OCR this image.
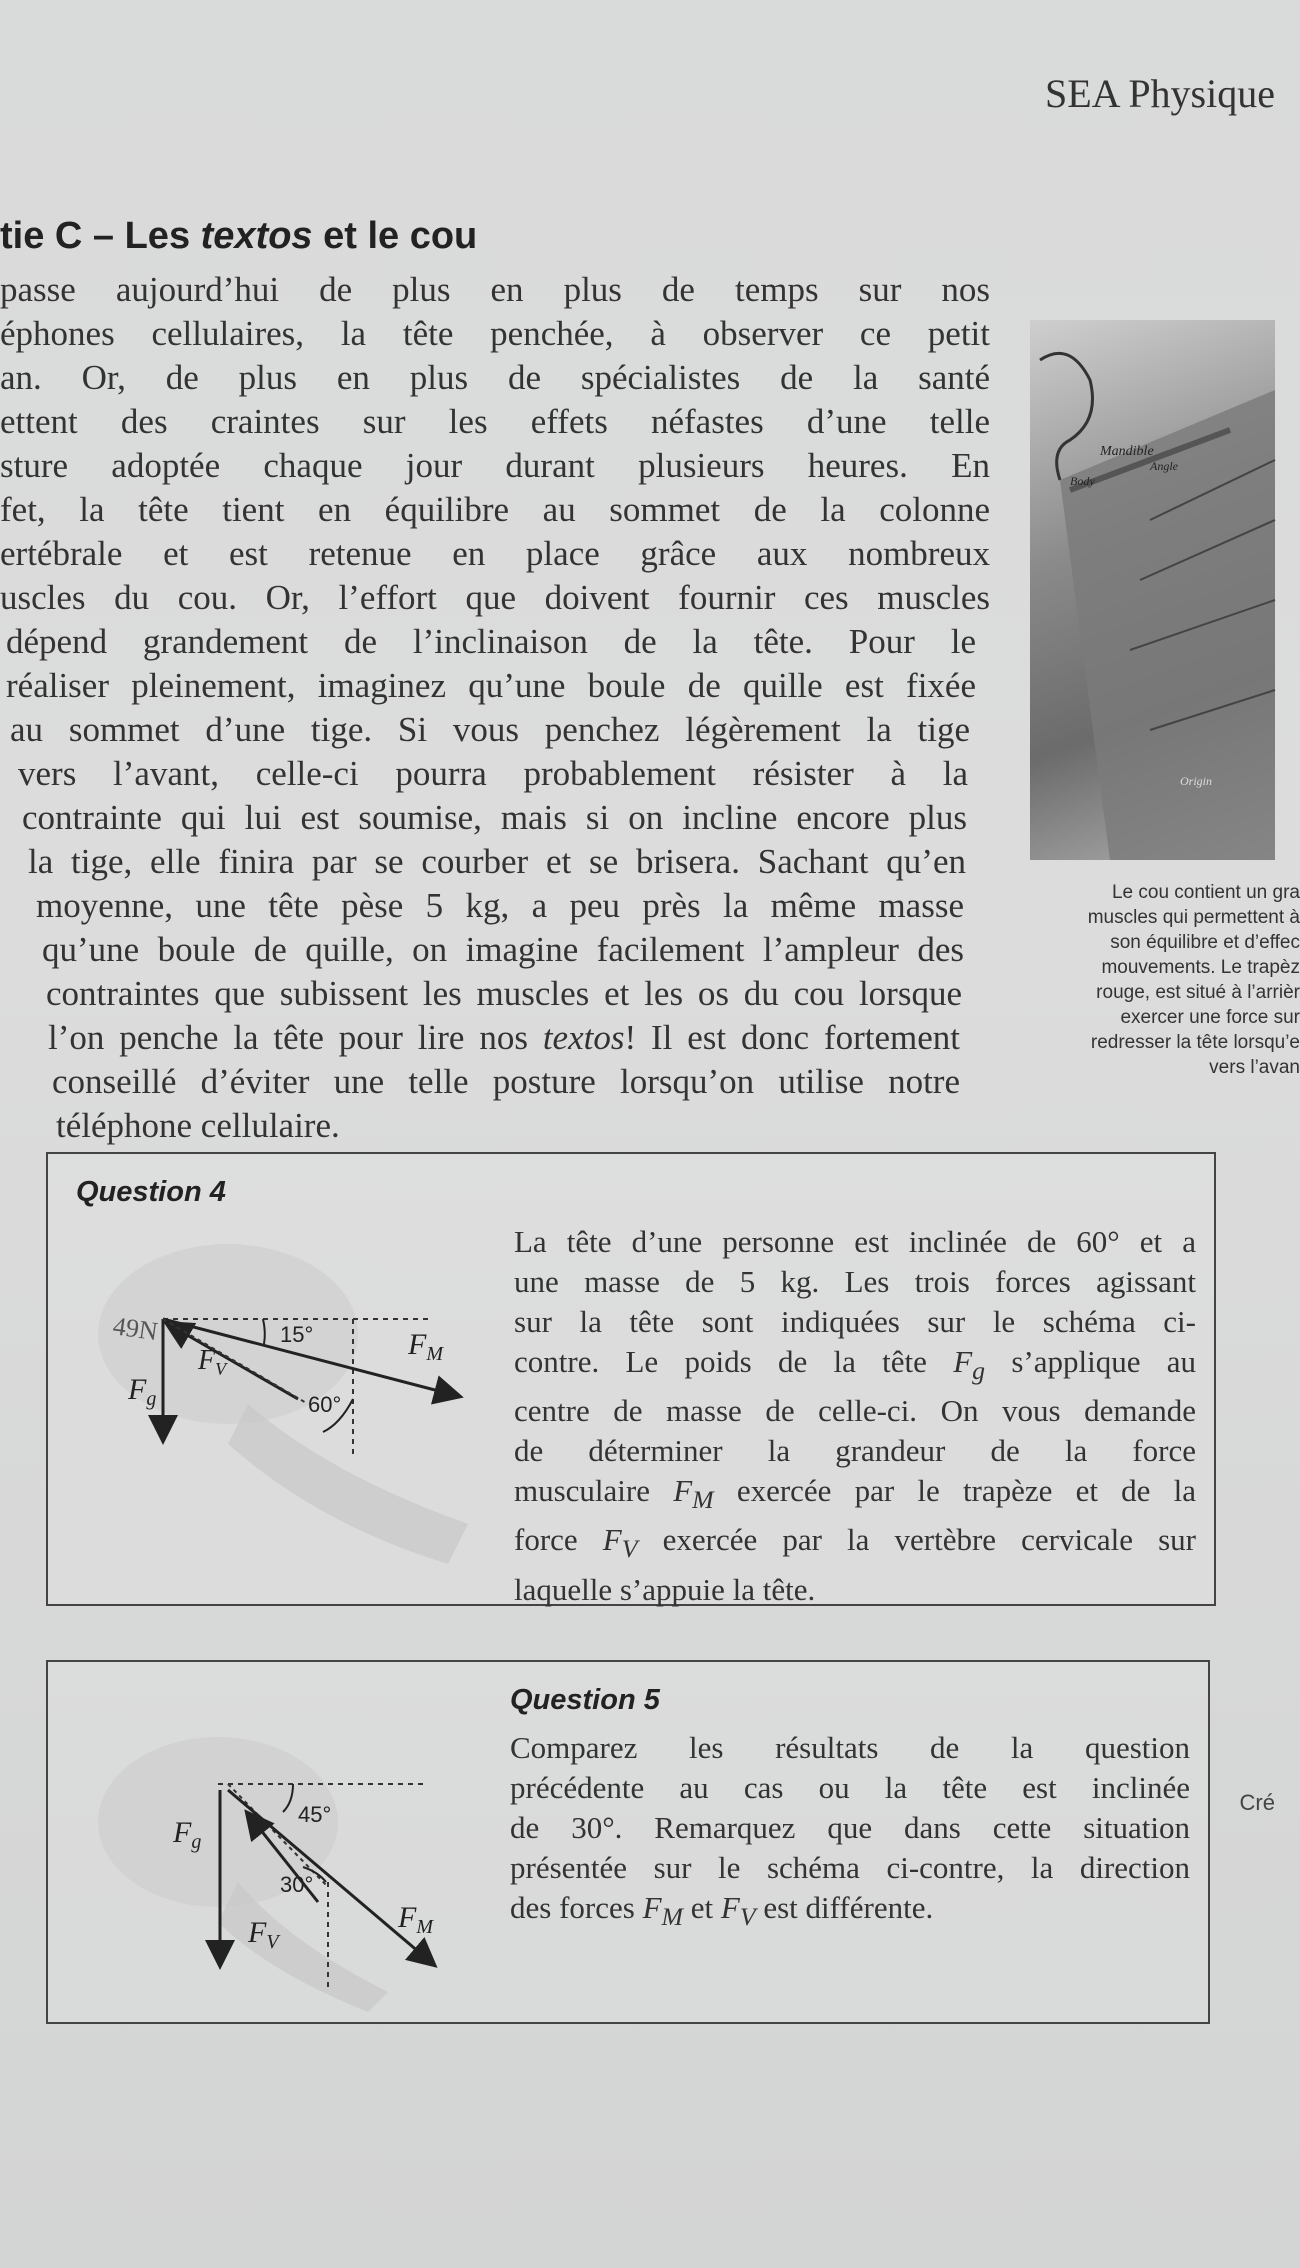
SEA Physique
tie C – Les textos et le cou
passe aujourd’hui de plus en plus de temps sur nos
éphones cellulaires, la tête penchée, à observer ce petit
an. Or, de plus en plus de spécialistes de la santé
ettent des craintes sur les effets néfastes d’une telle
sture adoptée chaque jour durant plusieurs heures. En
fet, la tête tient en équilibre au sommet de la colonne
ertébrale et est retenue en place grâce aux nombreux
uscles du cou. Or, l’effort que doivent fournir ces muscles
dépend grandement de l’inclinaison de la tête. Pour le
réaliser pleinement, imaginez qu’une boule de quille est fixée
au sommet d’une tige. Si vous penchez légèrement la tige
vers l’avant, celle-ci pourra probablement résister à la
contrainte qui lui est soumise, mais si on incline encore plus
la tige, elle finira par se courber et se brisera. Sachant qu’en
moyenne, une tête pèse 5 kg, a peu près la même masse
qu’une boule de quille, on imagine facilement l’ampleur des
contraintes que subissent les muscles et les os du cou lorsque
l’on penche la tête pour lire nos textos! Il est donc fortement
conseillé d’éviter une telle posture lorsqu’on utilise notre
téléphone cellulaire.
Mandible
Body
Angle
Origin
Le cou contient un gra
muscles qui permettent à
son équilibre et d’effec
mouvements. Le trapèz
rouge, est situé à l’arrièr
exercer une force sur
redresser la tête lorsqu’e
vers l’avan
Question 4
49N	15°
60°
$F_M$
$F_V$
$F_g$
La tête d’une personne est inclinée de 60° et a
une masse de 5 kg. Les trois forces agissant
sur la tête sont indiquées sur le schéma ci-
contre. Le poids de la tête $F_g$ s’applique au
centre de masse de celle-ci. On vous demande
de déterminer la grandeur de la force
musculaire $F_M$ exercée par le trapèze et de la
force $F_V$ exercée par la vertèbre cervicale sur
laquelle s’appuie la tête.
Question 5
45°
30°
$F_g$
$F_V$
$F_M$
Comparez les résultats de la question
précédente au cas ou la tête est inclinée
de 30°. Remarquez que dans cette situation
présentée sur le schéma ci-contre, la direction
des forces $F_M$ et $F_V$ est différente.
Cré
